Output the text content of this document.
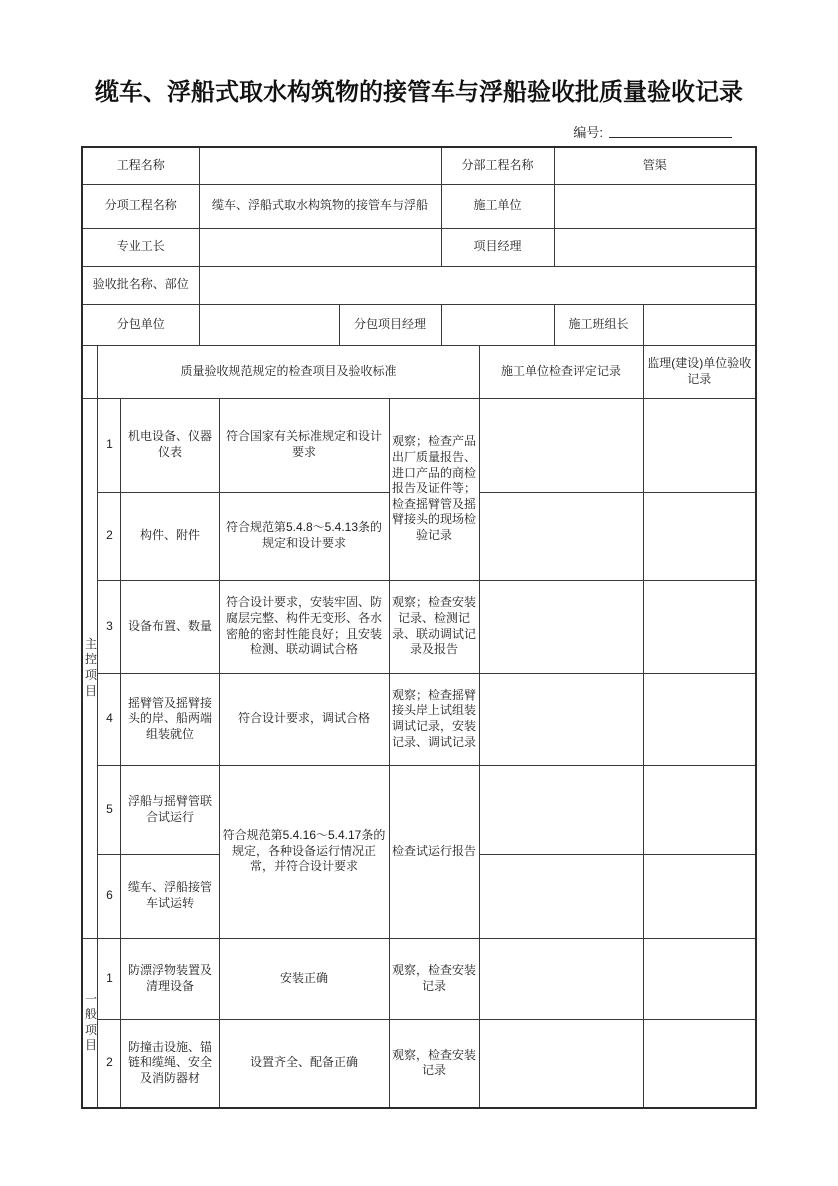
缆车、浮船式取水构筑物的接管车与浮船验收批质量验收记录
编号:
工程名称							分部工程名称		管渠	
分项工程名称			缆车、浮船式取水构筑物的接管车与浮船				施工单位			
专业工长							项目经理			
验收批名称、部位										
分包单位					分包项目经理				施工班组长	
	质量验收规范规定的检查项目及验收标准							施工单位检查评定记录		监理(建设)单位验收记录
主控项目	1	机电设备、仪器仪表		符合国家有关标准规定和设计要求		观察；检查产品出厂质量报告、进口产品的商检报告及证件等；检查摇臂管及摇臂接头的现场检验记录				
	2	构件、附件		符合规范第5.4.8～5.4.13条的规定和设计要求						
	3	设备布置、数量		符合设计要求，安装牢固、防腐层完整、构件无变形、各水密舱的密封性能良好；且安装检测、联动调试合格		观察；检查安装记录、检测记录、联动调试记录及报告				
	4	摇臂管及摇臂接头的岸、船两端组装就位		符合设计要求，调试合格		观察；检查摇臂接头岸上试组装调试记录，安装记录、调试记录				
	5	浮船与摇臂管联合试运行		符合规范第5.4.16～5.4.17条的规定，各种设备运行情况正常，并符合设计要求		检查试运行报告				
	6	缆车、浮船接管车试运转								
一般项目	1	防漂浮物装置及清理设备		安装正确		观察，检查安装记录				
	2	防撞击设施、锚链和缆绳、安全及消防器材		设置齐全、配备正确		观察，检查安装记录				
